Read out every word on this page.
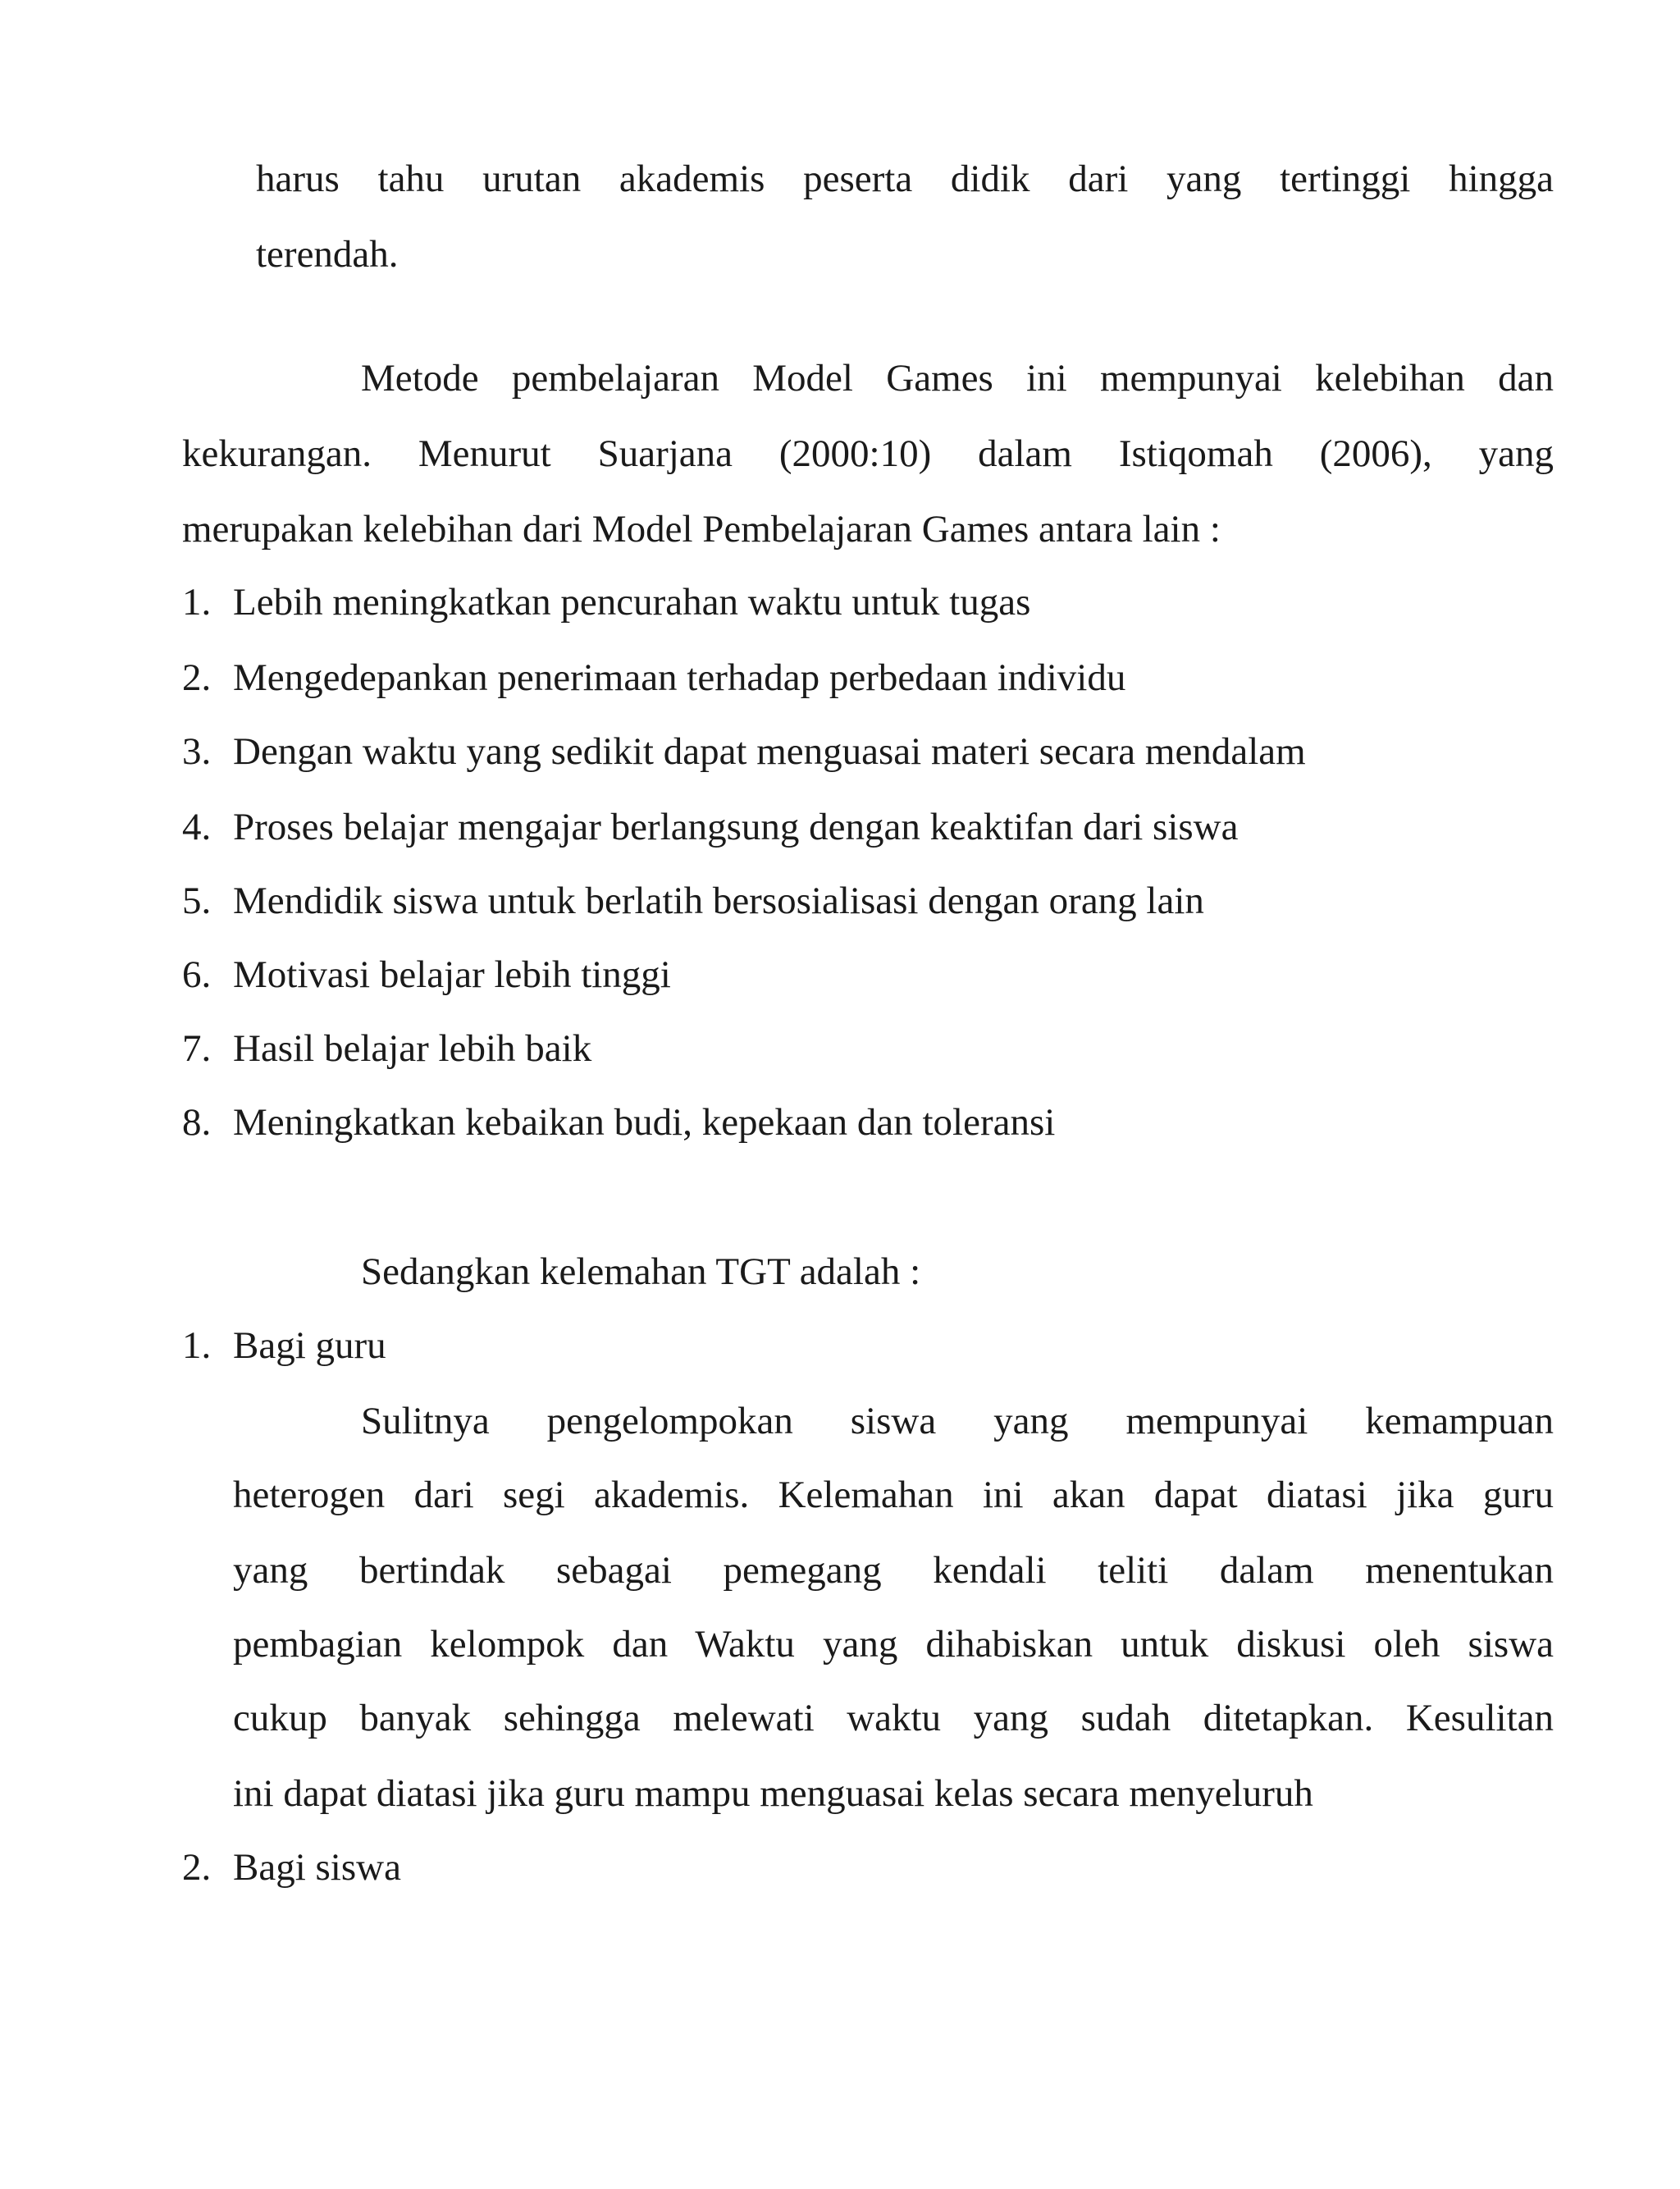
harus tahu urutan akademis peserta didik dari yang tertinggi hingga
terendah.
Metode pembelajaran Model Games ini mempunyai kelebihan dan
kekurangan. Menurut Suarjana (2000:10) dalam Istiqomah (2006), yang
merupakan kelebihan dari Model Pembelajaran Games antara lain :
1. Lebih meningkatkan pencurahan waktu untuk tugas
2. Mengedepankan penerimaan terhadap perbedaan individu
3. Dengan waktu yang sedikit dapat menguasai materi secara mendalam
4. Proses belajar mengajar berlangsung dengan keaktifan dari siswa
5. Mendidik siswa untuk berlatih bersosialisasi dengan orang lain
6. Motivasi belajar lebih tinggi
7. Hasil belajar lebih baik
8. Meningkatkan kebaikan budi, kepekaan dan toleransi
Sedangkan kelemahan TGT adalah :
1. Bagi guru
Sulitnya pengelompokan siswa yang mempunyai kemampuan
heterogen dari segi akademis. Kelemahan ini akan dapat diatasi jika guru
yang bertindak sebagai pemegang kendali teliti dalam menentukan
pembagian kelompok dan Waktu yang dihabiskan untuk diskusi oleh siswa
cukup banyak sehingga melewati waktu yang sudah ditetapkan. Kesulitan
ini dapat diatasi jika guru mampu menguasai kelas secara menyeluruh
2. Bagi siswa
